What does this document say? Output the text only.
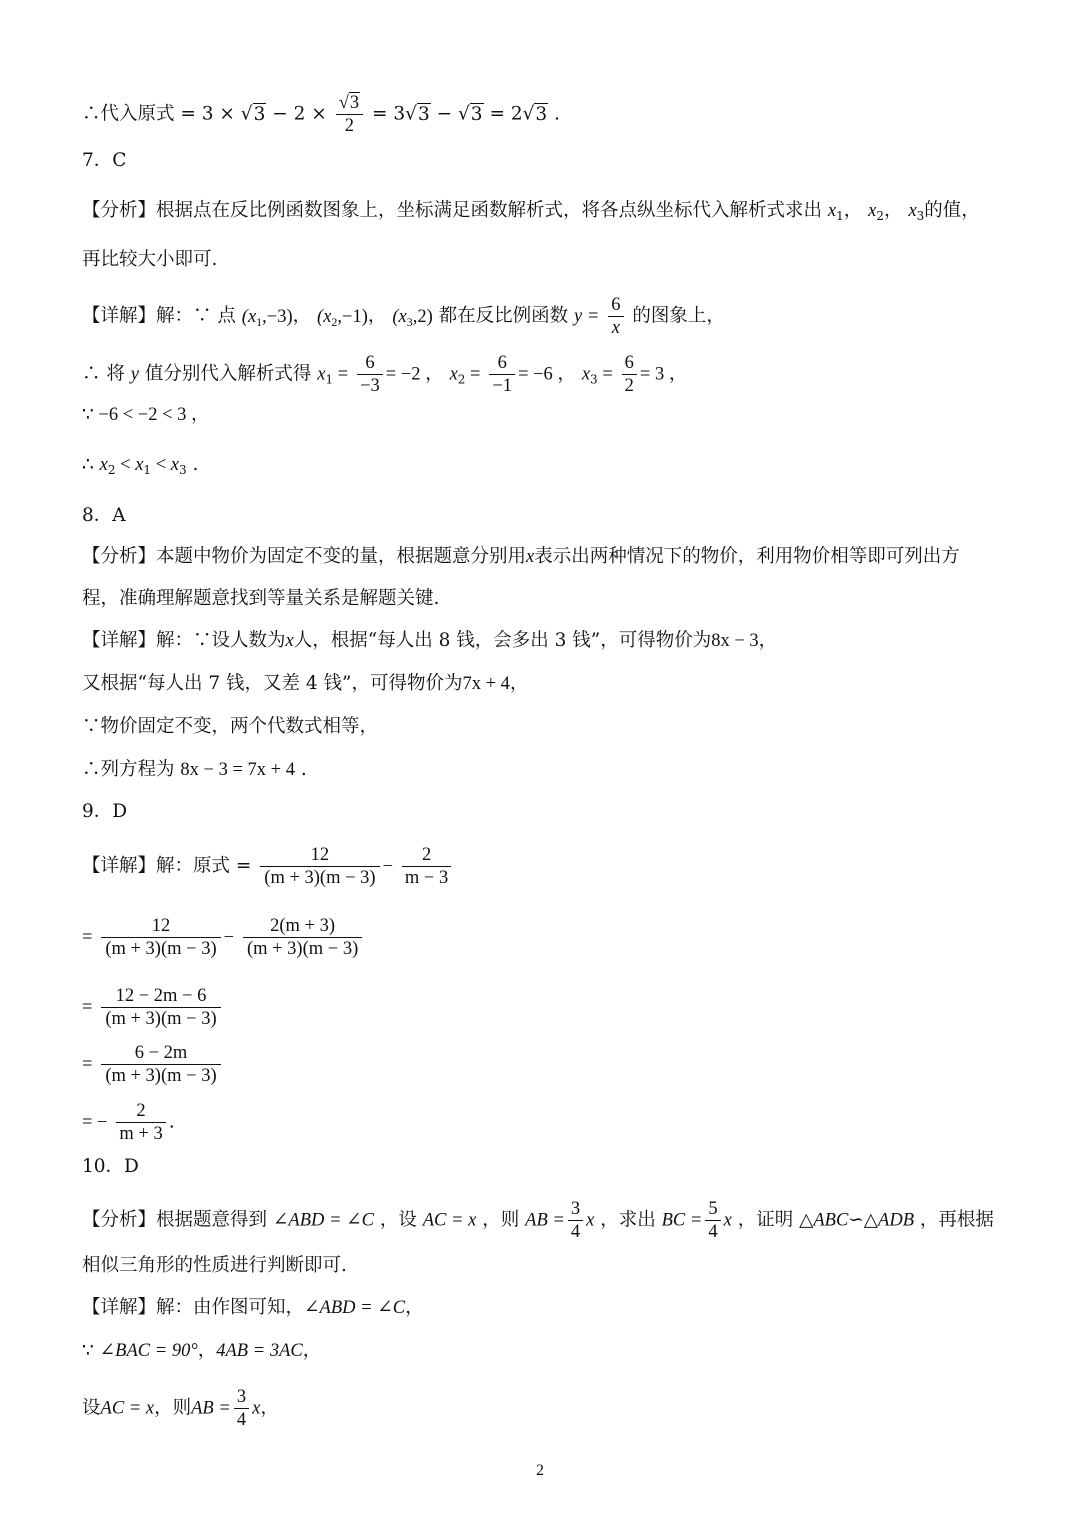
∴代入原式 = $3 \times √3 - 2 \times \frac{√3}{2} = 3√3 - √3 = 2√3$ .
7．C
【分析】根据点在反比例函数图象上，坐标满足函数解析式，将各点纵坐标代入解析式求出 $x_1$， $x_2$， $x_3$的值，
再比较大小即可.
【详解】解：∵ 点 $(x_1,-3)$， $(x_2,-1)$， $(x_3,2)$ 都在反比例函数 $y = \frac{6}{x}$ 的图象上，
∴ 将 y 值分别代入解析式得 $x_1 = \frac{6}{-3} = -2$ ， $x_2 = \frac{6}{-1} = -6$ ， $x_3 = \frac{6}{2} = 3$ ，
∵ −6 < −2 < 3 ，
∴ $x_2 < x_1 < x_3$ .
8．A
【分析】本题中物价为固定不变的量，根据题意分别用x表示出两种情况下的物价，利用物价相等即可列出方
程，准确理解题意找到等量关系是解题关键.
【详解】解：∵设人数为x人，根据“每人出 8 钱，会多出 3 钱”，可得物价为8x − 3，
又根据“每人出 7 钱，又差 4 钱”，可得物价为7x + 4，
∵物价固定不变，两个代数式相等，
∴列方程为 8x − 3 = 7x + 4 .
9．D
【详解】解：原式 = $\frac{12}{(m + 3)(m - 3)} - \frac{2}{m - 3}$
= $\frac{12}{(m + 3)(m - 3)} - \frac{2(m + 3)}{(m + 3)(m - 3)}$
= $\frac{12 - 2m - 6}{(m + 3)(m - 3)}$
= $\frac{6 - 2m}{(m + 3)(m - 3)}$
= − $\frac{2}{m + 3}$ .
10．D
【分析】根据题意得到 ∠ABD = ∠C ，设 AC = x ，则 AB = $\frac{3}{4}$ x ，求出 BC = $\frac{5}{4}$ x ，证明 △ABC∽△ADB ，再根据
相似三角形的性质进行判断即可.
【详解】解：由作图可知，∠ABD = ∠C，
∵ ∠BAC = 90°，4AB = 3AC，
设AC = x，则AB = $\frac{3}{4}$ x，
2
